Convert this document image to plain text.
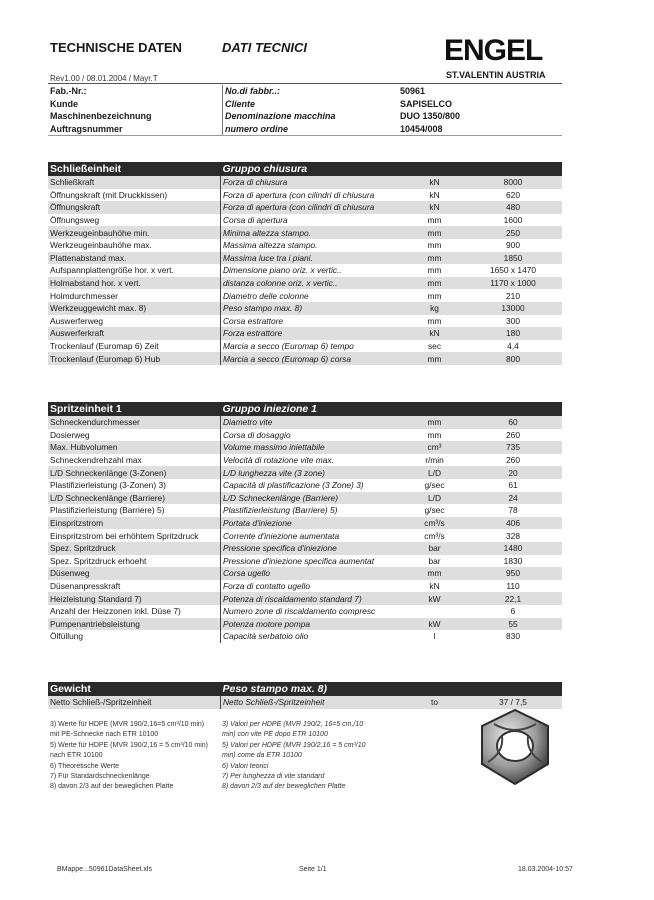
TECHNISCHE DATEN	DATI TECNICI	ENGEL
ST.VALENTIN AUSTRIA
Rev1.00 / 08.01.2004 / Mayr.T
Fab.-Nr.:	No.di fabbr..:	50961
Kunde	Cliente	SAPISELCO
Maschinenbezeichnung	Denominazione macchina	DUO 1350/800
Auftragsnummer	numero ordine	10454/008
Schließeinheit	Gruppo chiusura		
Schließkraft	Forza di chiusura	kN	8000
Öffnungskraft (mit Druckkissen)	Forza di apertura (con cilindri di chiusura	kN	620
Öffnungskraft	Forza di apertura (con cilindri di chiusura	kN	480
Öffnungsweg	Corsa di apertura	mm	1600
Werkzeugeinbauhöhe min.	Minima altezza stampo.	mm	250
Werkzeugeinbauhöhe max.	Massima altezza stampo.	mm	900
Plattenabstand max.	Massima luce tra i piani.	mm	1850
Aufspannplattengröße hor. x vert.	Dimensione piano oriz. x vertic..	mm	1650 x 1470
Holmabstand hor. x vert.	distanza colonne oriz. x vertic..	mm	1170 x 1000
Holmdurchmesser	Diametro delle colonne	mm	210
Werkzeuggewicht max. 8)	Peso stampo max. 8)	kg	13000
Auswerferweg	Corsa estrattore	mm	300
Auswerferkraft	Forza estrattore	kN	180
Trockenlauf (Euromap 6) Zeit	Marcia a secco (Euromap 6) tempo	sec	4,4
Trockenlauf (Euromap 6) Hub	Marcia a secco (Euromap 6) corsa	mm	800
Spritzeinheit 1	Gruppo iniezione 1		
Schneckendurchmesser	Diametro vite	mm	60
Dosierweg	Corsa di dosaggio	mm	260
Max. Hubvolumen	Volume massimo iniettabile	cm³	735
Schneckendrehzahl max	Velocità di rotazione vite max.	r/min	260
L/D Schneckenlänge (3-Zonen)	L/D lunghezza vite (3 zone)	L/D	20
Plastifizierleistung (3-Zonen) 3)	Capacità di plastificazione (3 Zone) 3)	g/sec	61
L/D Schneckenlänge (Barriere)	L/D Schneckenlänge (Barriere)	L/D	24
Plastifizierleistung (Barriere) 5)	Plastifizierleistung (Barriere) 5)	g/sec	78
Einspritzstrom	Portata d'iniezione	cm³/s	406
Einspritzstrom bei erhöhtem Spritzdruck	Corrente d'iniezione aumentata	cm³/s	328
Spez. Spritzdruck	Pressione specifica d'iniezione	bar	1480
Spez. Spritzdruck erhoeht	Pressione d'iniezione specifica aumentat	bar	1830
Düsenweg	Corsa ugello	mm	950
Düsenanpresskraft	Forza di contatto ugello	kN	110
Heizleistung Standard 7)	Potenza di riscaldamento standard 7)	kW	22,1
Anzahl der Heizzonen inkl. Düse 7)	Numero zone di riscaldamento compresc		6
Pumpenantriebsleistung	Potenza motore pompa	kW	55
Ölfüllung	Capacità serbatoio olio	l	830
Gewicht	Peso stampo max. 8)		
Netto Schließ-/Spritzeinheit	Netto Schließ-/Spritzeinheit	to	37 / 7,5
3) Werte für HDPE (MVR 190/2,16=5 cm³/10 min)
mit PE-Schnecke nach ETR 10100
5) Werte für HDPE (MVR 190/2,16 = 5 cm³/10 min)
nach ETR 10100
6) Theoretische Werte
7) Für Standardschneckenlänge
8) davon 2/3 auf der beweglichen Platte
3) Valori per HDPE (MVR 190/2, 16=5 cm,/10
min) con vite PE dopo ETR 10100
5) Valori per HDPE (MVR 190/2,16 = 5 cm³/10
min) come da ETR 10100
6) Valori teorici
7) Per lunghezza di vite standard
8) davon 2/3 auf der beweglichen Platte
BMappe...50961DataSheet.xls	Seite 1/1	18.03.2004-10:57
